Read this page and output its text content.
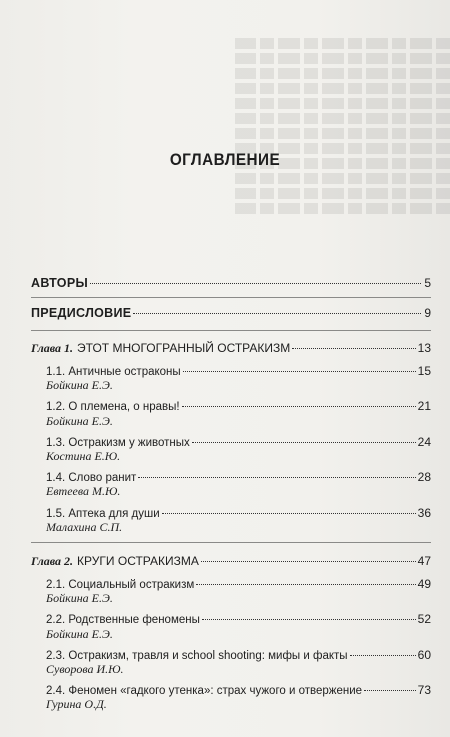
ОГЛАВЛЕНИЕ
АВТОРЫ	5
ПРЕДИСЛОВИЕ	9
Глава 1. ЭТОТ МНОГОГРАННЫЙ ОСТРАКИЗМ	13
1.1. Античные остраконы	15
Бойкина Е.Э.
1.2. О племена, о нравы!	21
Бойкина Е.Э.
1.3. Остракизм у животных	24
Костина Е.Ю.
1.4. Слово ранит	28
Евтеева М.Ю.
1.5. Аптека для души	36
Малахина С.П.
Глава 2. КРУГИ ОСТРАКИЗМА	47
2.1. Социальный остракизм	49
Бойкина Е.Э.
2.2. Родственные феномены	52
Бойкина Е.Э.
2.3. Остракизм, травля и school shooting: мифы и факты	60
Суворова И.Ю.
2.4. Феномен «гадкого утенка»: страх чужого и отвержение	73
Гурина О.Д.
